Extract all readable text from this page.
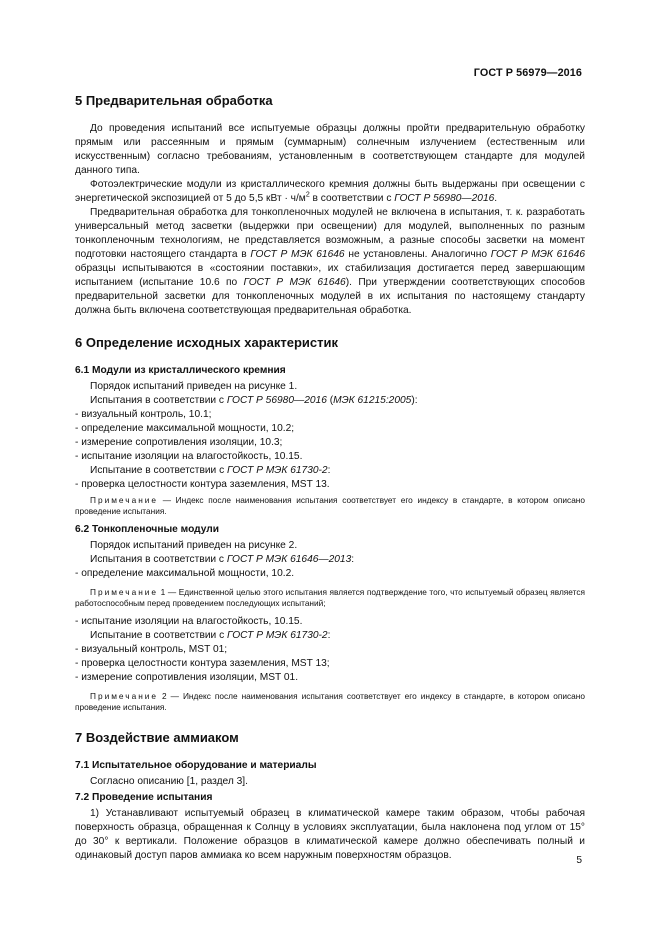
ГОСТ Р 56979—2016
5 Предварительная обработка

До проведения испытаний все испытуемые образцы должны пройти предварительную обработку прямым или рассеянным и прямым (суммарным) солнечным излучением (естественным или искусственным) согласно требованиям, установленным в соответствующем стандарте для модулей данного типа.

Фотоэлектрические модули из кристаллического кремния должны быть выдержаны при освещении с энергетической экспозицией от 5 до 5,5 кВт · $ч/м^2$ в соответствии с ГОСТ Р 56980—2016.

Предварительная обработка для тонкопленочных модулей не включена в испытания, т. к. разработать универсальный метод засветки (выдержки при освещении) для модулей, выполненных по разным тонкопленочным технологиям, не представляется возможным, а разные способы засветки на момент подготовки настоящего стандарта в ГОСТ Р МЭК 61646 не установлены. Аналогично ГОСТ Р МЭК 61646 образцы испытываются в «состоянии поставки», их стабилизация достигается перед завершающим испытанием (испытание 10.6 по ГОСТ Р МЭК 61646). При утверждении соответствующих способов предварительной засветки для тонкопленочных модулей в их испытания по настоящему стандарту должна быть включена соответствующая предварительная обработка.

6 Определение исходных характеристик
6.1 Модули из кристаллического кремния

Порядок испытаний приведен на рисунке 1.

Испытания в соответствии с ГОСТ Р 56980—2016 (МЭК 61215:2005):

- визуальный контроль, 10.1;

- определение максимальной мощности, 10.2;

- измерение сопротивления изоляции, 10.3;

- испытание изоляции на влагостойкость, 10.15.

Испытание в соответствии с ГОСТ Р МЭК 61730-2:

- проверка целостности контура заземления, MST 13.

Примечание — Индекс после наименования испытания соответствует его индексу в стандарте, в котором описано проведение испытания.

6.2 Тонкопленочные модули

Порядок испытаний приведен на рисунке 2.

Испытания в соответствии с ГОСТ Р МЭК 61646—2013:

- определение максимальной мощности, 10.2.

Примечание 1 — Единственной целью этого испытания является подтверждение того, что испытуемый образец является работоспособным перед проведением последующих испытаний;

- испытание изоляции на влагостойкость, 10.15.

Испытание в соответствии с ГОСТ Р МЭК 61730-2:

- визуальный контроль, MST 01;

- проверка целостности контура заземления, MST 13;

- измерение сопротивления изоляции, MST 01.

Примечание 2 — Индекс после наименования испытания соответствует его индексу в стандарте, в котором описано проведение испытания.

7 Воздействие аммиаком
7.1 Испытательное оборудование и материалы

Согласно описанию [1, раздел 3].

7.2 Проведение испытания

1) Устанавливают испытуемый образец в климатической камере таким образом, чтобы рабочая поверхность образца, обращенная к Солнцу в условиях эксплуатации, была наклонена под углом от 15° до 30° к вертикали. Положение образцов в климатической камере должно обеспечивать полный и одинаковый доступ паров аммиака ко всем наружным поверхностям образцов.	5
